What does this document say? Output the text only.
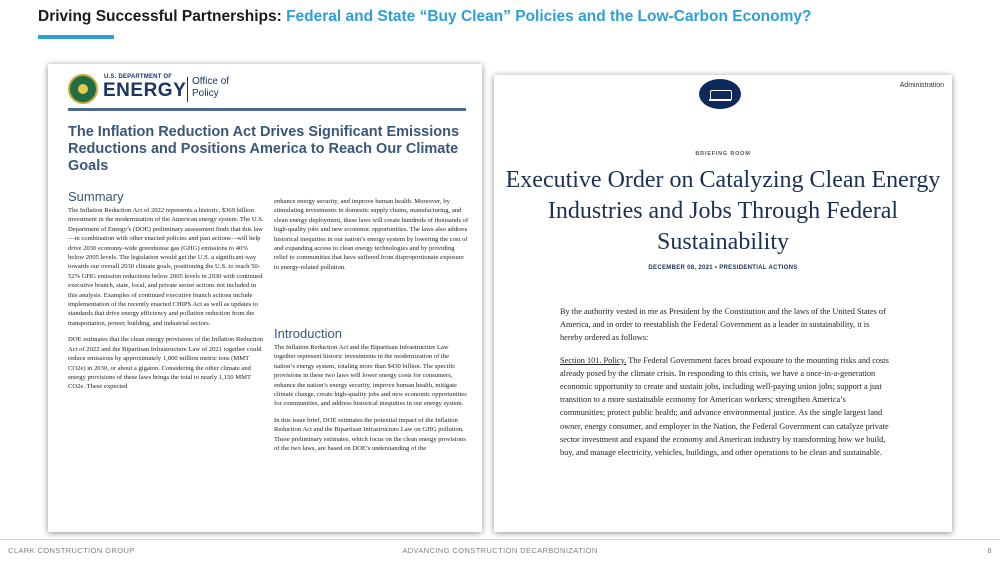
Driving Successful Partnerships: Federal and State “Buy Clean” Policies and the Low-Carbon Economy?
U.S. DEPARTMENT OF
ENERGY Office of Policy
The Inflation Reduction Act Drives Significant Emissions Reductions and Positions America to Reach Our Climate Goals
Summary

The Inflation Reduction Act of 2022 represents a historic, $369 billion investment in the modernization of the American energy system. The U.S. Department of Energy’s (DOE) preliminary assessment finds that this law—in combination with other enacted policies and past actions—will help drive 2030 economy-wide greenhouse gas (GHG) emissions to 40% below 2005 levels. The legislation would get the U.S. a significant way towards our overall 2030 climate goals, positioning the U.S. to reach 50-52% GHG emission reductions below 2005 levels in 2030 with continued executive branch, state, local, and private sector actions not included in this analysis. Examples of continued executive branch actions include implementation of the recently enacted CHIPS Act as well as updates to standards that drive energy efficiency and pollution reduction from the transportation, power, building, and industrial sectors.

DOE estimates that the clean energy provisions of the Inflation Reduction Act of 2022 and the Bipartisan Infrastructure Law of 2021 together could reduce emissions by approximately 1,000 million metric tons (MMT CO2e) in 2030, or about a gigaton. Considering the other climate and energy provisions of these laws brings the total to nearly 1,150 MMT CO2e. These expected

enhance energy security, and improve human health. Moreover, by stimulating investments in domestic supply chains, manufacturing, and clean energy deployment, these laws will create hundreds of thousands of high-quality jobs and new economic opportunities. The laws also address historical inequities in our nation’s energy system by lowering the cost of and expanding access to clean energy technologies and by providing relief to communities that have suffered from disproportionate exposure to energy-related pollution.

Introduction

The Inflation Reduction Act and the Bipartisan Infrastructure Law together represent historic investments in the modernization of the nation’s energy system, totaling more than $430 billion. The specific provisions in these two laws will lower energy costs for consumers, enhance the nation’s energy security, improve human health, mitigate climate change, create high-quality jobs and new economic opportunities for communities, and address historical inequities in our energy system.

In this issue brief, DOE estimates the potential impact of the Inflation Reduction Act and the Bipartisan Infrastructure Law on GHG pollution. These preliminary estimates, which focus on the clean energy provisions of the two laws, are based on DOE’s understanding of the

Administration
BRIEFING ROOM
Executive Order on Catalyzing Clean Energy Industries and Jobs Through Federal Sustainability
DECEMBER 08, 2021 • PRESIDENTIAL ACTIONS

By the authority vested in me as President by the Constitution and the laws of the United States of America, and in order to reestablish the Federal Government as a leader in sustainability, it is hereby ordered as follows:

Section 101. Policy. The Federal Government faces broad exposure to the mounting risks and costs already posed by the climate crisis. In responding to this crisis, we have a once-in-a-generation economic opportunity to create and sustain jobs, including well-paying union jobs; support a just transition to a more sustainable economy for American workers; strengthen America’s communities; protect public health; and advance environmental justice. As the single largest land owner, energy consumer, and employer in the Nation, the Federal Government can catalyze private sector investment and expand the economy and American industry by transforming how we build, buy, and manage electricity, vehicles, buildings, and other operations to be clean and sustainable.

CLARK CONSTRUCTION GROUP	ADVANCING CONSTRUCTION DECARBONIZATION	8
